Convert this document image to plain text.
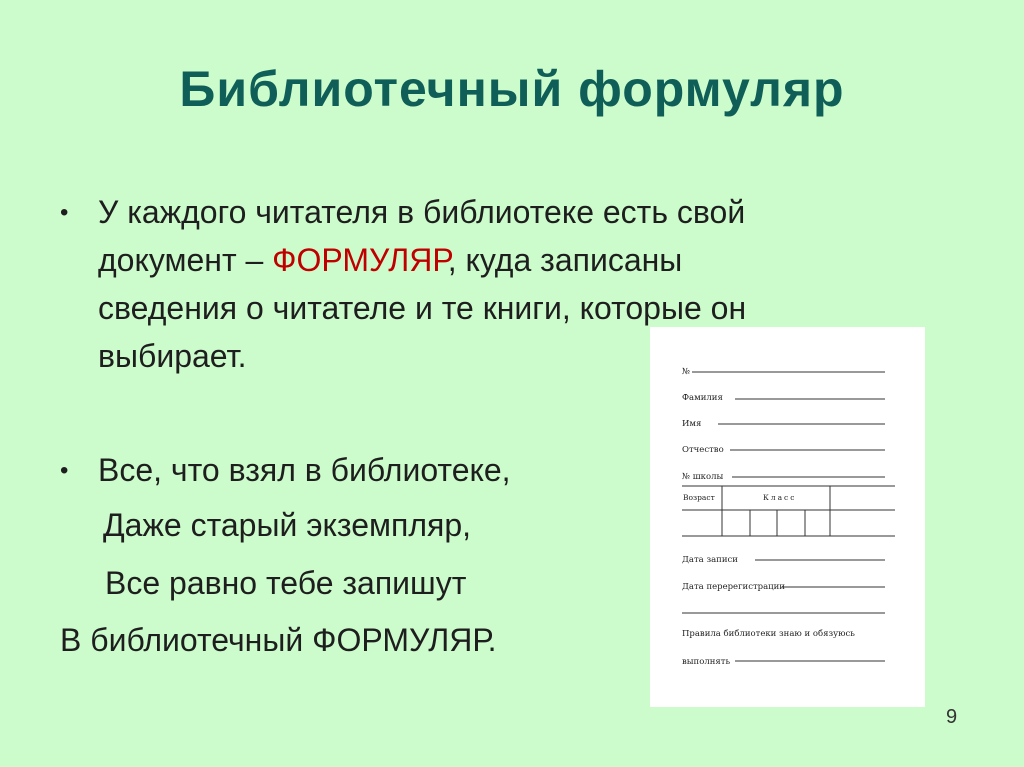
Библиотечный формуляр
• У каждого читателя в библиотеке есть свой
документ – ФОРМУЛЯР, куда записаны
сведения о читателе и те книги, которые он
выбирает.
• Все, что взял в библиотеке,
Даже старый экземпляр,
Все равно тебе запишут
В библиотечный ФОРМУЛЯР.
№
Фамилия
Имя
Отчество
№ школы
Возраст	Класс
Дата записи
Дата перерегистрации
Правила библиотеки знаю и обязуюсь
выполнять
9
